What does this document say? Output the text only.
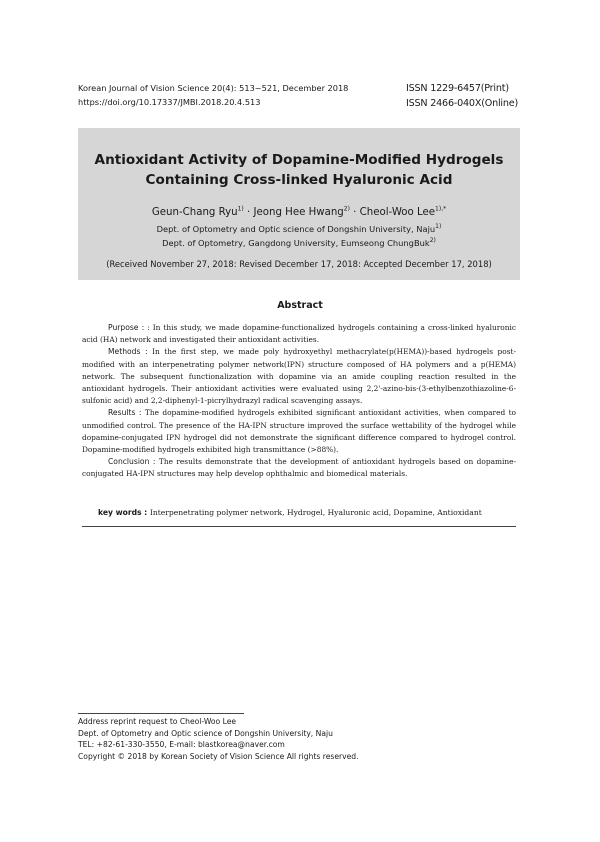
Korean Journal of Vision Science 20(4): 513~521, December 2018
https://doi.org/10.17337/JMBI.2018.20.4.513
ISSN 1229-6457(Print)
ISSN 2466-040X(Online)
Antioxidant Activity of Dopamine-Modified Hydrogels
Containing Cross-linked Hyaluronic Acid
Geun-Chang Ryu$^{1)}$ · Jeong Hee Hwang$^{2)}$ · Cheol-Woo Lee$^{1),*}$
Dept. of Optometry and Optic science of Dongshin University, Naju$^{1)}$
Dept. of Optometry, Gangdong University, Eumseong ChungBuk$^{2)}$
(Received November 27, 2018: Revised December 17, 2018: Accepted December 17, 2018)
Abstract

Purpose : : In this study, we made dopamine-functionalized hydrogels containing a cross-linked hyaluronic acid (HA) network and investigated their antioxidant activities.

Methods : In the first step, we made poly hydroxyethyl methacrylate(p(HEMA))-based hydrogels post-modified with an interpenetrating polymer network(IPN) structure composed of HA polymers and a p(HEMA) network. The subsequent functionalization with dopamine via an amide coupling reaction resulted in the antioxidant hydrogels. Their antioxidant activities were evaluated using 2,2'-azino-bis-(3-ethylbenzothiazoline-6-sulfonic acid) and 2,2-diphenyl-1-picrylhydrazyl radical scavenging assays.

Results : The dopamine-modified hydrogels exhibited significant antioxidant activities, when compared to unmodified control. The presence of the HA-IPN structure improved the surface wettability of the hydrogel while dopamine-conjugated IPN hydrogel did not demonstrate the significant difference compared to hydrogel control. Dopamine-modified hydrogels exhibited high transmittance (>88%).

Conclusion : The results demonstrate that the development of antioxidant hydrogels based on dopamine-conjugated HA-IPN structures may help develop ophthalmic and biomedical materials.

key words : Interpenetrating polymer network, Hydrogel, Hyaluronic acid, Dopamine, Antioxidant
Address reprint request to Cheol-Woo Lee
Dept. of Optometry and Optic science of Dongshin University, Naju
TEL: +82-61-330-3550, E-mail: blastkorea@naver.com
Copyright © 2018 by Korean Society of Vision Science All rights reserved.
